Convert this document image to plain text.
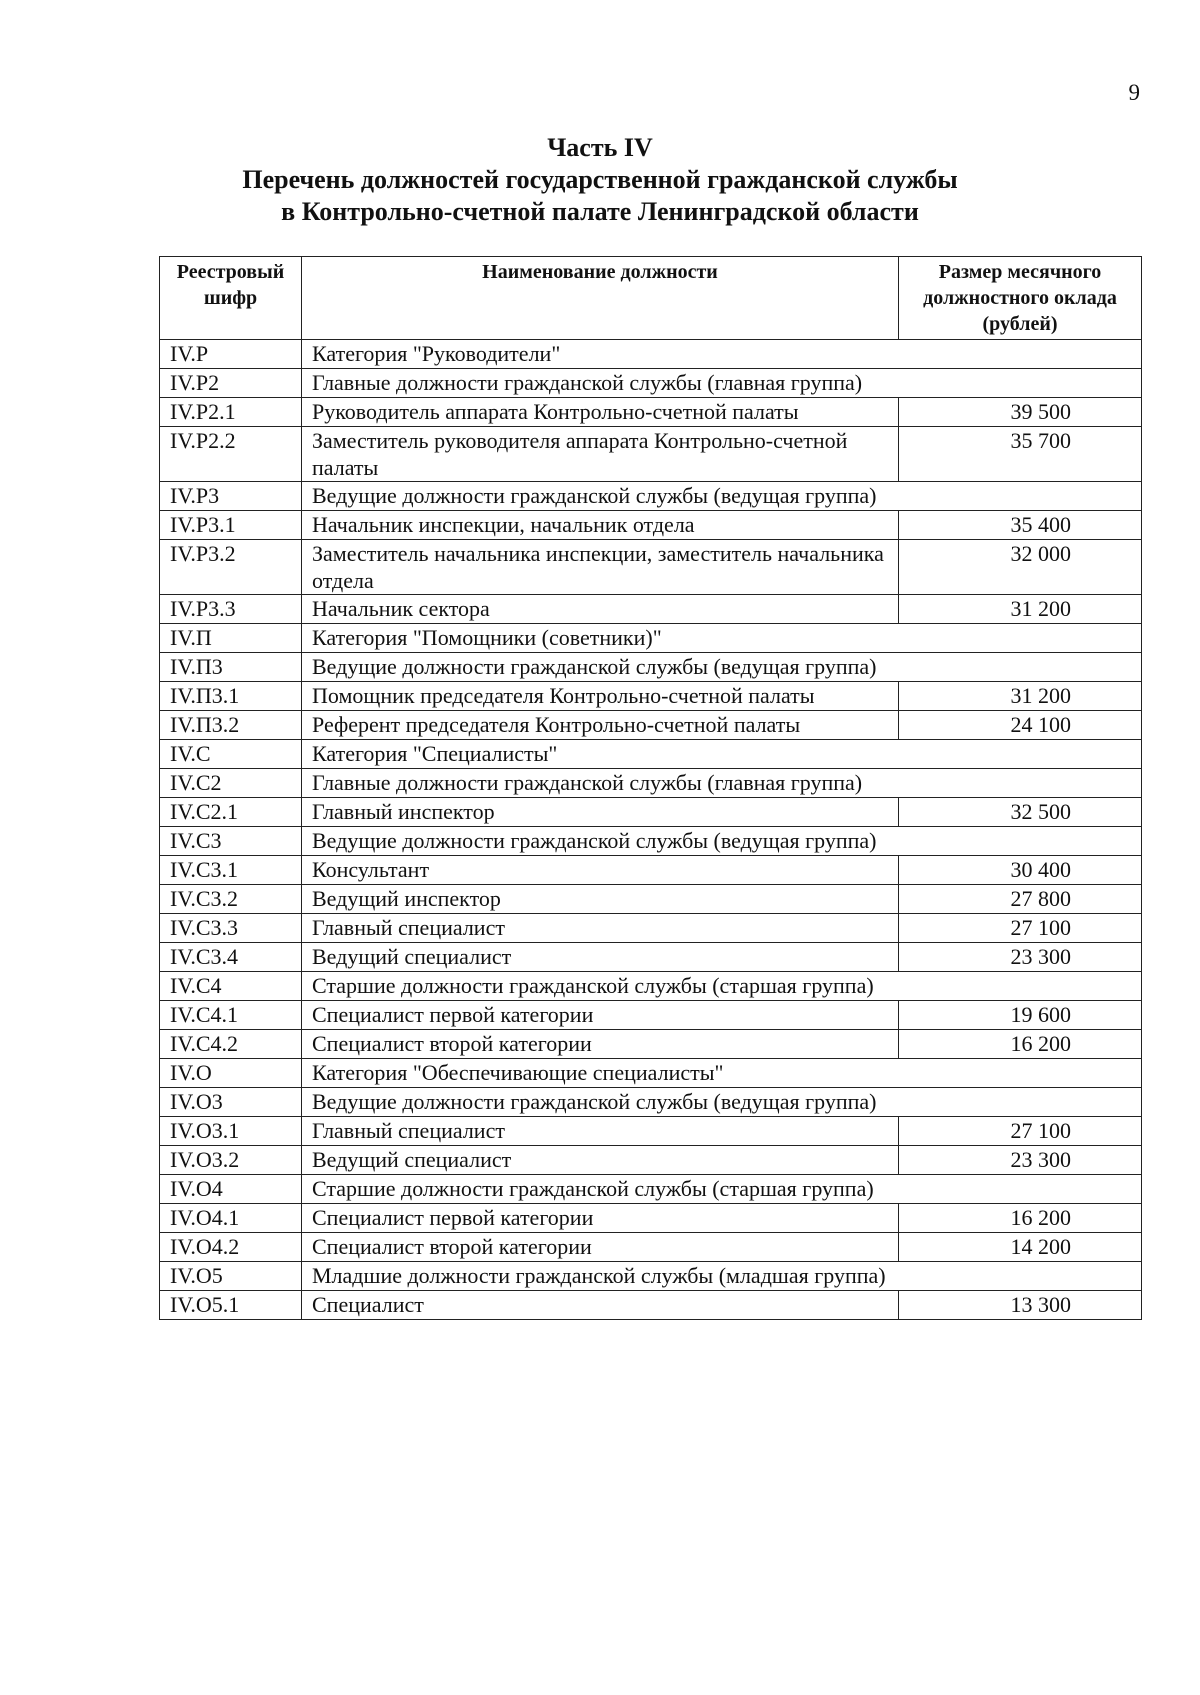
9
Часть IV
Перечень должностей государственной гражданской службы
в Контрольно-счетной палате Ленинградской области
Реестровый шифр	Наименование должности	Размер месячного должностного оклада (рублей)
IV.Р	Категория "Руководители"	
IV.Р2	Главные должности гражданской службы (главная группа)	
IV.Р2.1	Руководитель аппарата Контрольно-счетной палаты	39 500
IV.Р2.2	Заместитель руководителя аппарата Контрольно-счетной палаты	35 700
IV.Р3	Ведущие должности гражданской службы (ведущая группа)	
IV.Р3.1	Начальник инспекции, начальник отдела	35 400
IV.Р3.2	Заместитель начальника инспекции, заместитель начальника отдела	32 000
IV.Р3.3	Начальник сектора	31 200
IV.П	Категория "Помощники (советники)"	
IV.П3	Ведущие должности гражданской службы (ведущая группа)	
IV.П3.1	Помощник председателя Контрольно-счетной палаты	31 200
IV.П3.2	Референт председателя Контрольно-счетной палаты	24 100
IV.С	Категория "Специалисты"	
IV.С2	Главные должности гражданской службы (главная группа)	
IV.С2.1	Главный инспектор	32 500
IV.С3	Ведущие должности гражданской службы (ведущая группа)	
IV.С3.1	Консультант	30 400
IV.С3.2	Ведущий инспектор	27 800
IV.С3.3	Главный специалист	27 100
IV.С3.4	Ведущий специалист	23 300
IV.С4	Старшие должности гражданской службы (старшая группа)	
IV.С4.1	Специалист первой категории	19 600
IV.С4.2	Специалист второй категории	16 200
IV.О	Категория "Обеспечивающие специалисты"	
IV.О3	Ведущие должности гражданской службы (ведущая группа)	
IV.О3.1	Главный специалист	27 100
IV.О3.2	Ведущий специалист	23 300
IV.О4	Старшие должности гражданской службы (старшая группа)	
IV.О4.1	Специалист первой категории	16 200
IV.О4.2	Специалист второй категории	14 200
IV.О5	Младшие должности гражданской службы (младшая группа)	
IV.О5.1	Специалист	13 300
